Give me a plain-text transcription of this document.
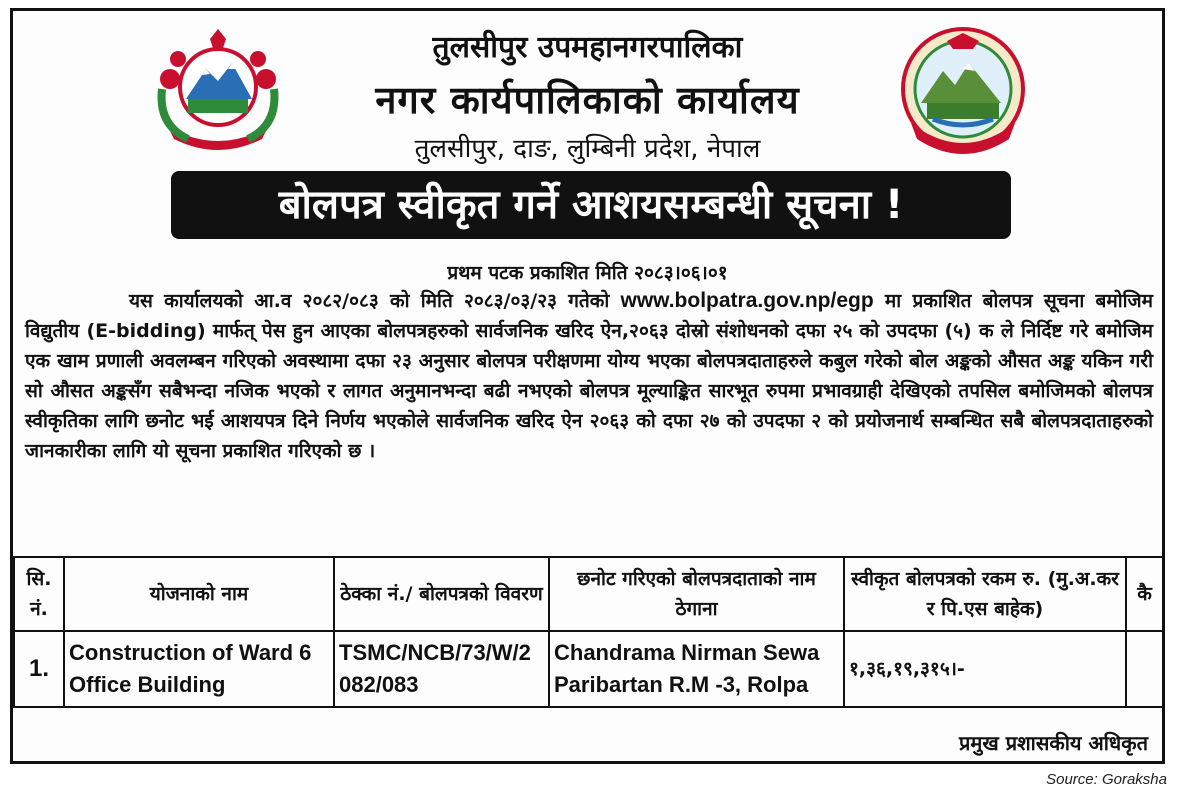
तुलसीपुर उपमहानगरपालिका
नगर कार्यपालिकाको कार्यालय
तुलसीपुर, दाङ, लुम्बिनी प्रदेश, नेपाल
बोलपत्र स्वीकृत गर्ने आशयसम्बन्धी सूचना !
प्रथम पटक प्रकाशित मिति २०८३।०६।०१
यस कार्यालयको आ.व २०८२/०८३ को मिति २०८३/०३/२३ गतेको www.bolpatra.gov.np/egp मा प्रकाशित बोलपत्र सूचना बमोजिम विद्युतीय (E-bidding) मार्फत् पेस हुन आएका बोलपत्रहरुको सार्वजनिक खरिद ऐन,२०६३ दोस्रो संशोधनको दफा २५ को उपदफा (५) क ले निर्दिष्ट गरे बमोजिम एक खाम प्रणाली अवलम्बन गरिएको अवस्थामा दफा २३ अनुसार बोलपत्र परीक्षणमा योग्य भएका बोलपत्रदाताहरुले कबुल गरेको बोल अङ्कको औसत अङ्क यकिन गरी सो औसत अङ्कसँग सबैभन्दा नजिक भएको र लागत अनुमानभन्दा बढी नभएको बोलपत्र मूल्याङ्कित सारभूत रुपमा प्रभावग्राही देखिएको तपसिल बमोजिमको बोलपत्र स्वीकृतिका लागि छनोट भई आशयपत्र दिने निर्णय भएकोले सार्वजनिक खरिद ऐन २०६३ को दफा २७ को उपदफा २ को प्रयोजनार्थ सम्बन्धित सबै बोलपत्रदाताहरुको जानकारीका लागि यो सूचना प्रकाशित गरिएको छ ।
सि. नं.	योजनाको नाम	ठेक्का नं./ बोलपत्रको विवरण	छनोट गरिएको बोलपत्रदाताको नाम ठेगाना	स्वीकृत बोलपत्रको रकम रु. (मु.अ.कर र पि.एस बाहेक)	कै
1.	Construction of Ward 6 Office Building	TSMC/NCB/73/W/2 082/083	Chandrama Nirman Sewa Paribartan R.M -3, Rolpa	१,३६,१९,३१५।-	
प्रमुख प्रशासकीय अधिकृत
Source: Goraksha
